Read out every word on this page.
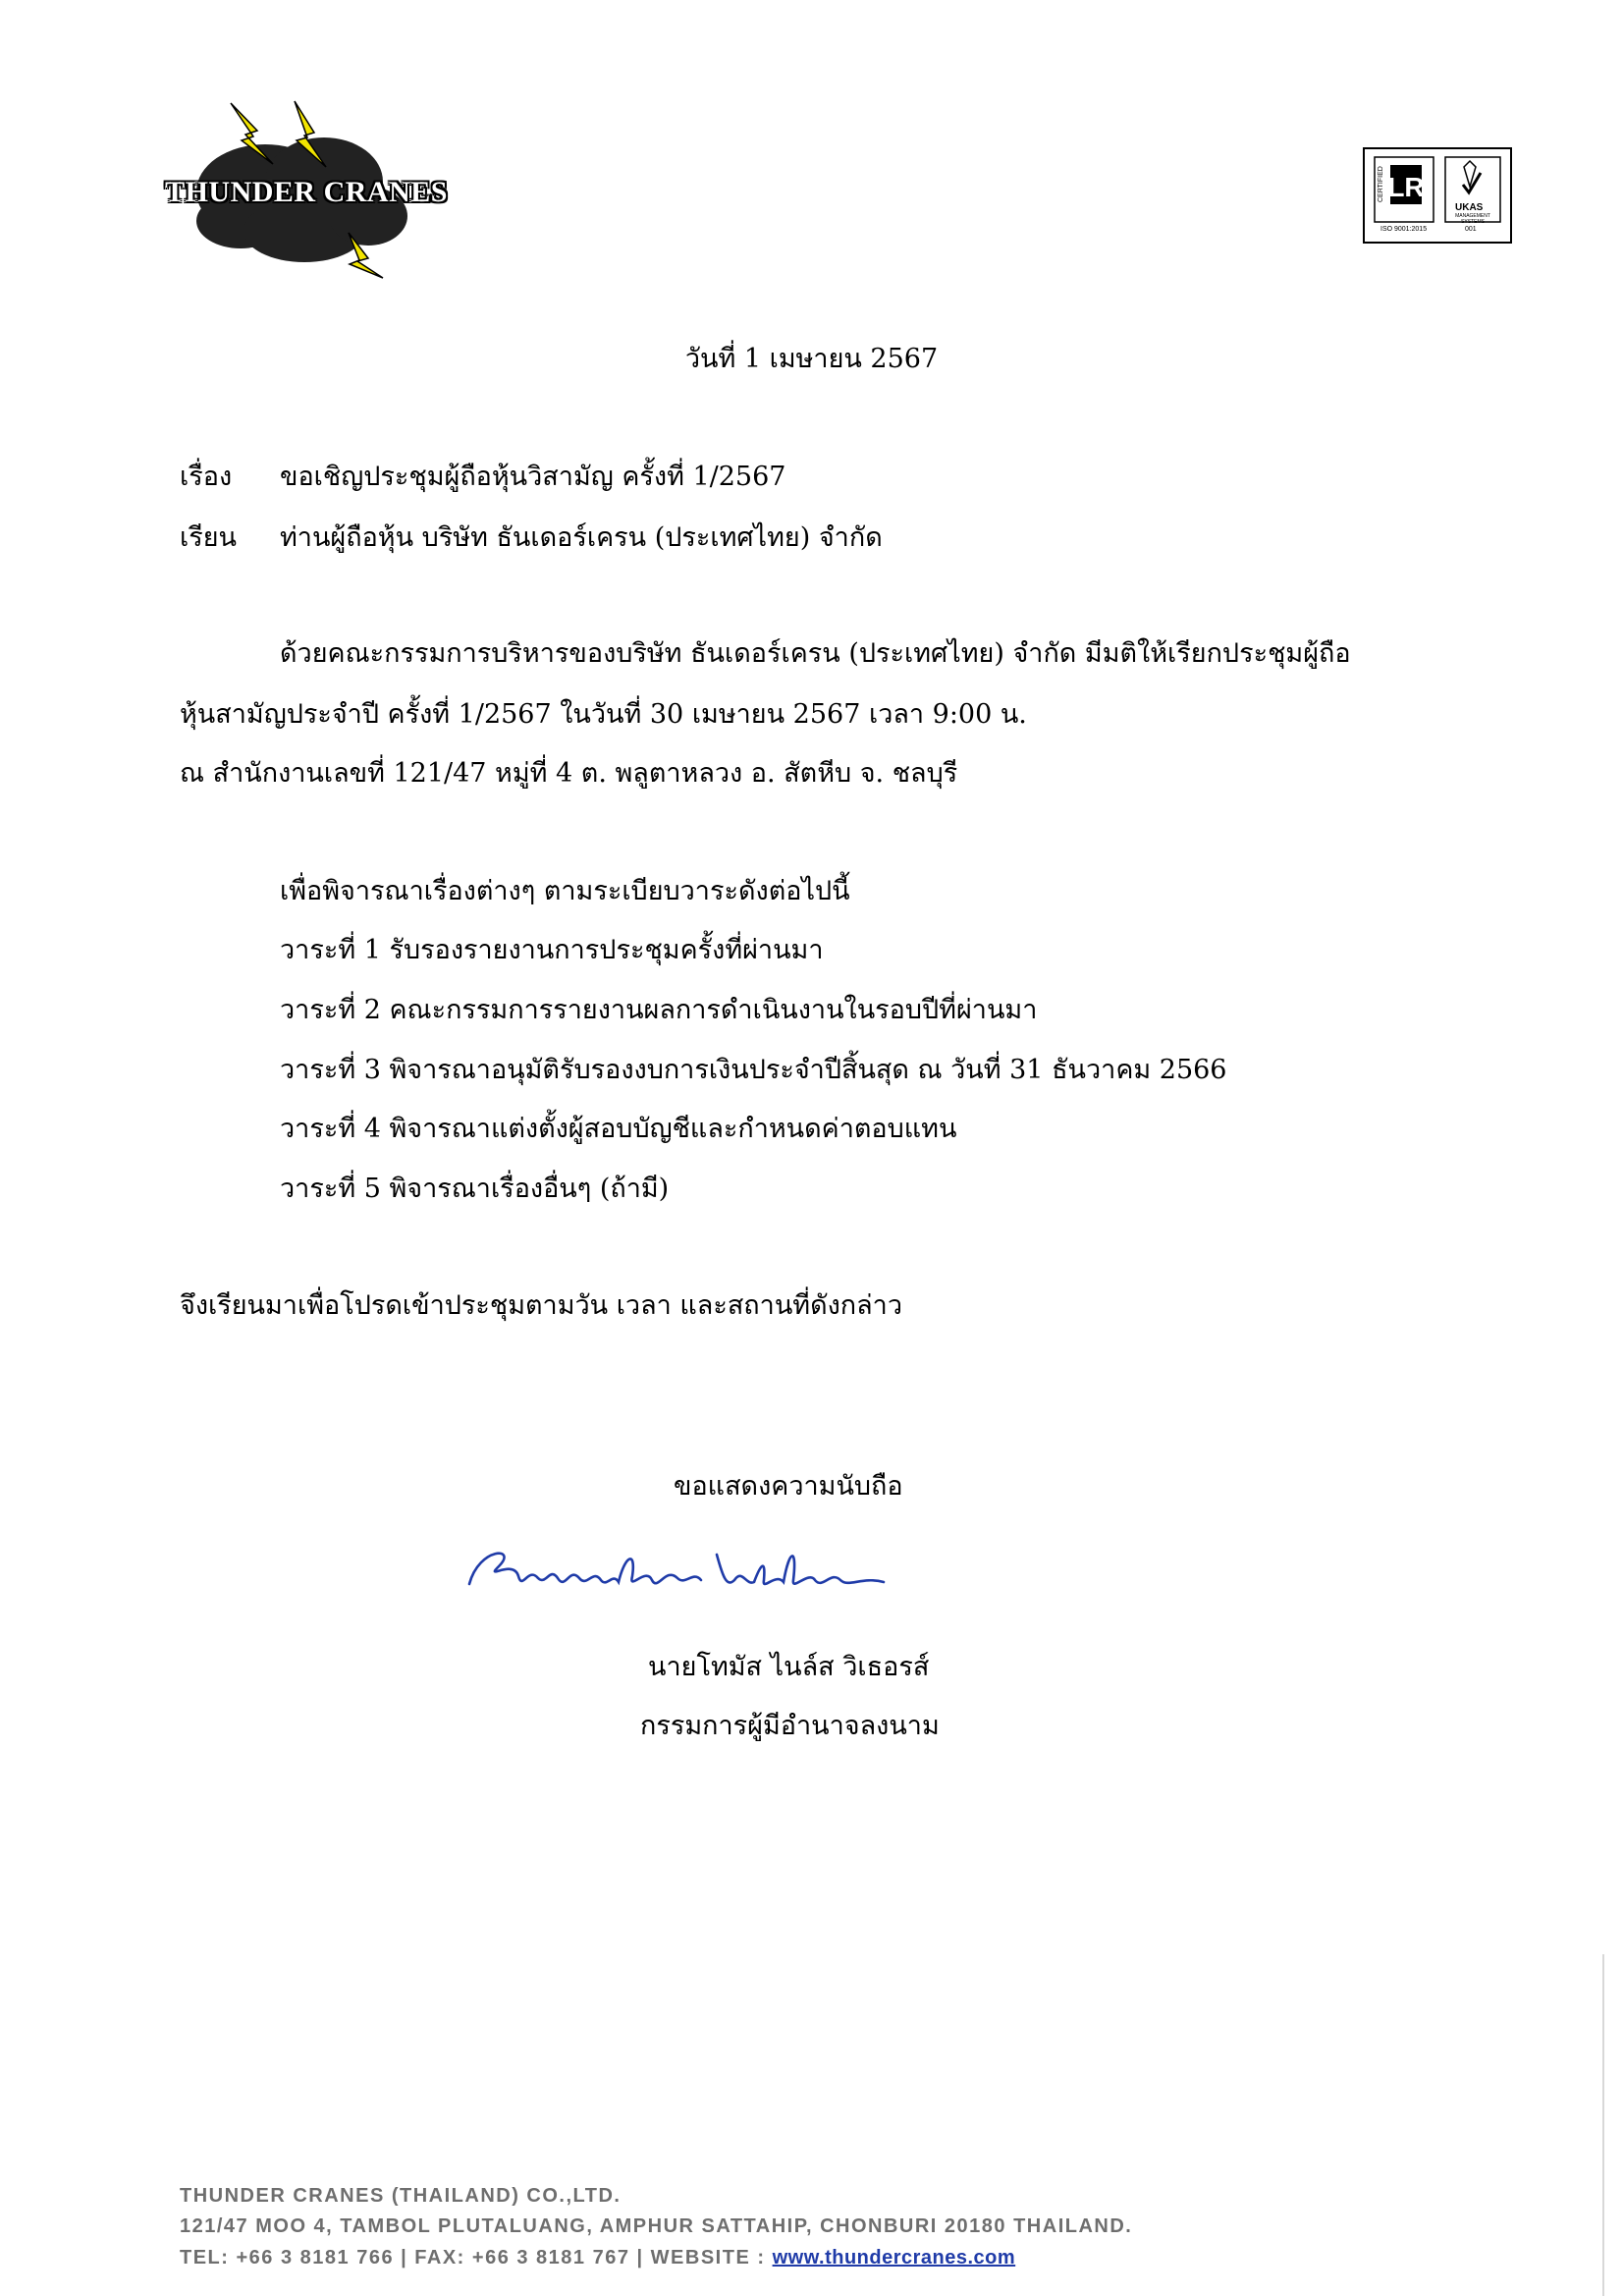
THUNDER CRANES	LR
CERTIFIED
ISO 9001:2015
UKAS
MANAGEMENT SYSTEMS
001
วันที่ 1 เมษายน 2567
เรื่อง ขอเชิญประชุมผู้ถือหุ้นวิสามัญ ครั้งที่ 1/2567
เรียน ท่านผู้ถือหุ้น บริษัท ธันเดอร์เครน (ประเทศไทย) จำกัด
ด้วยคณะกรรมการบริหารของบริษัท ธันเดอร์เครน (ประเทศไทย) จำกัด มีมติให้เรียกประชุมผู้ถือ
หุ้นสามัญประจำปี ครั้งที่ 1/2567 ในวันที่ 30 เมษายน 2567 เวลา 9:00 น.
ณ สำนักงานเลขที่ 121/47 หมู่ที่ 4 ต. พลูตาหลวง อ. สัตหีบ จ. ชลบุรี
เพื่อพิจารณาเรื่องต่างๆ ตามระเบียบวาระดังต่อไปนี้
วาระที่ 1 รับรองรายงานการประชุมครั้งที่ผ่านมา
วาระที่ 2 คณะกรรมการรายงานผลการดำเนินงานในรอบปีที่ผ่านมา
วาระที่ 3 พิจารณาอนุมัติรับรองงบการเงินประจำปีสิ้นสุด ณ วันที่ 31 ธันวาคม 2566
วาระที่ 4 พิจารณาแต่งตั้งผู้สอบบัญชีและกำหนดค่าตอบแทน
วาระที่ 5 พิจารณาเรื่องอื่นๆ (ถ้ามี)
จึงเรียนมาเพื่อโปรดเข้าประชุมตามวัน เวลา และสถานที่ดังกล่าว
ขอแสดงความนับถือ
นายโทมัส ไนล์ส วิเธอรส์
กรรมการผู้มีอำนาจลงนาม
THUNDER CRANES (THAILAND) CO.,LTD.
121/47 MOO 4, TAMBOL PLUTALUANG, AMPHUR SATTAHIP, CHONBURI 20180 THAILAND.
TEL: +66 3 8181 766 | FAX: +66 3 8181 767 | WEBSITE : www.thundercranes.com
